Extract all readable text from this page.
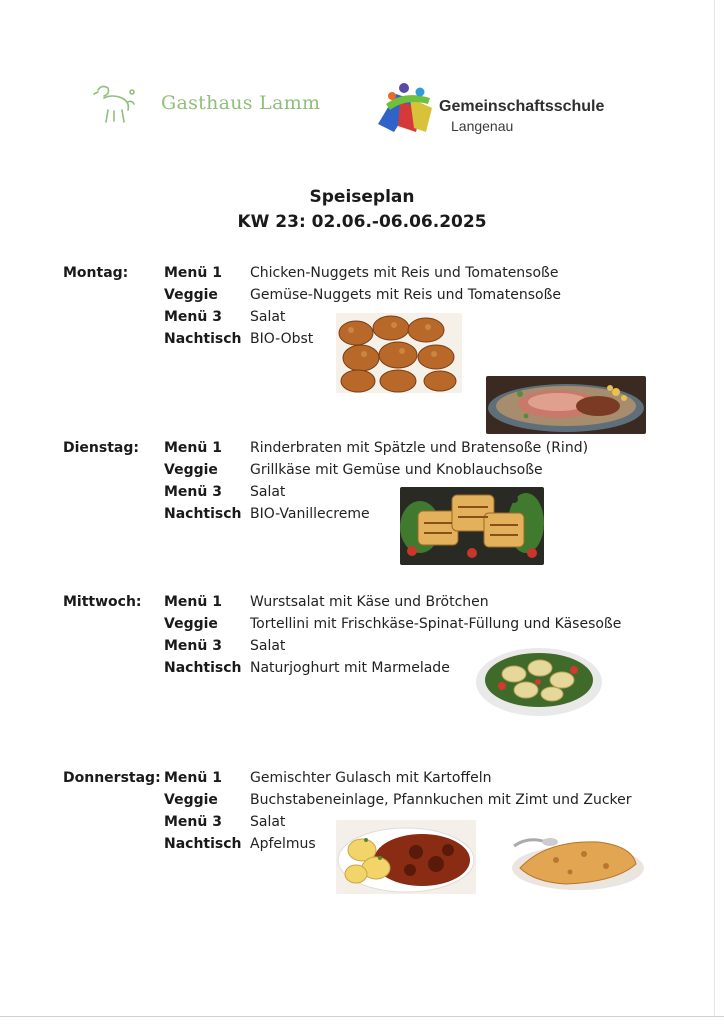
Gasthaus Lamm	Gemeinschaftsschule
Langenau
Speiseplan
KW 23: 02.06.-06.06.2025
Montag:	Menü 1 Chicken-Nuggets mit Reis und Tomatensoße
Veggie Gemüse-Nuggets mit Reis und Tomatensoße
Menü 3 Salat
Nachtisch BIO-Obst
Dienstag: Menü 1 Rinderbraten mit Spätzle und Bratensoße (Rind)
Veggie Grillkäse mit Gemüse und Knoblauchsoße
Menü 3 Salat
Nachtisch BIO-Vanillecreme
Mittwoch: Menü 1 Wurstsalat mit Käse und Brötchen
Veggie Tortellini mit Frischkäse-Spinat-Füllung und Käsesoße
Menü 3 Salat
Nachtisch Naturjoghurt mit Marmelade
Donnerstag: Menü 1 Gemischter Gulasch mit Kartoffeln
Veggie Buchstabeneinlage, Pfannkuchen mit Zimt und Zucker
Menü 3 Salat
Nachtisch Apfelmus
